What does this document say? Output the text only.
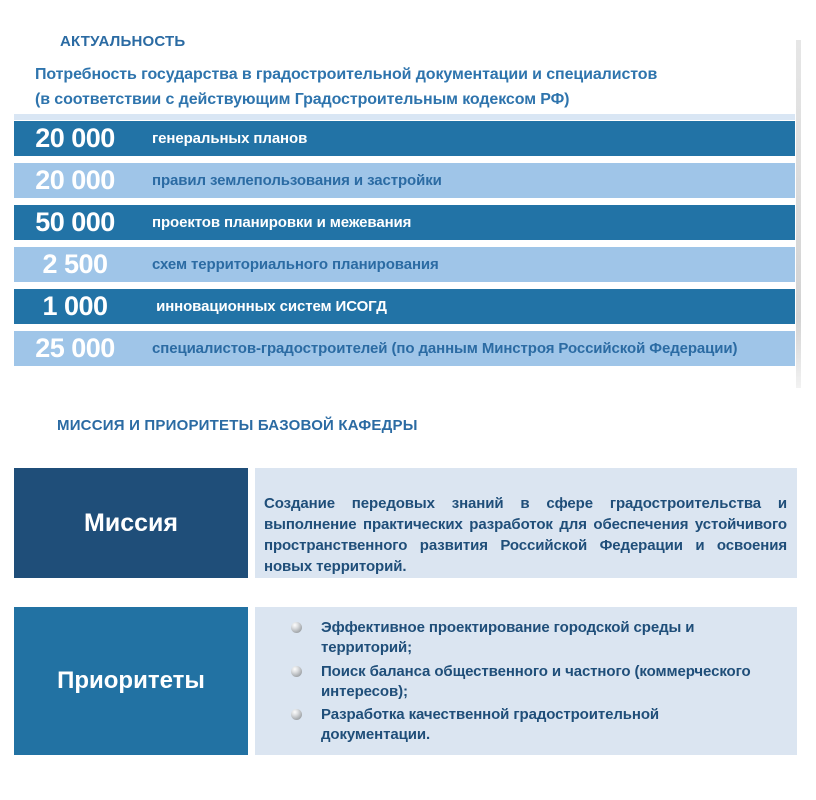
АКТУАЛЬНОСТЬ
Потребность государства в градостроительной документации и специалистов
(в соответствии с действующим Градостроительным кодексом РФ)
20 000	генеральных планов
20 000	правил землепользования и застройки
50 000	проектов планировки и межевания
2 500	схем территориального планирования
1 000	инновационных систем ИСОГД
25 000	специалистов-градостроителей (по данным Минстроя Российской Федерации)
МИССИЯ И ПРИОРИТЕТЫ БАЗОВОЙ КАФЕДРЫ
Миссия
Создание передовых знаний в сфере градостроительства и выполнение практических разработок для обеспечения устойчивого пространственного развития Российской Федерации и освоения новых территорий.
Приоритеты
Эффективное проектирование городской среды и территорий;
Поиск баланса общественного и частного (коммерческого интересов);
Разработка качественной градостроительной документации.
